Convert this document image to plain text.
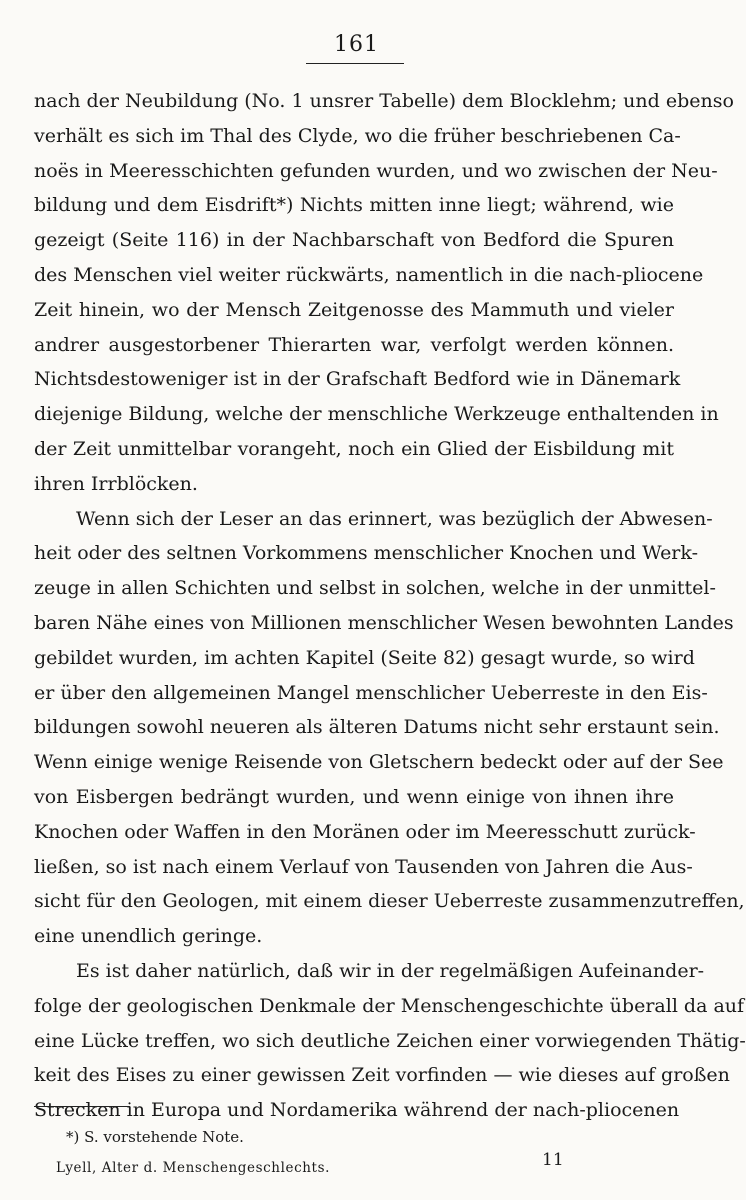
161
nach der Neubildung (No. 1 unsrer Tabelle) dem Blocklehm; und ebenso
verhält es sich im Thal des Clyde, wo die früher beschriebenen Ca-
noës in Meeresschichten gefunden wurden, und wo zwischen der Neu-
bildung und dem Eisdrift*) Nichts mitten inne liegt; während, wie
gezeigt (Seite 116) in der Nachbarschaft von Bedford die Spuren
des Menschen viel weiter rückwärts, namentlich in die nach-pliocene
Zeit hinein, wo der Mensch Zeitgenosse des Mammuth und vieler
andrer ausgestorbener Thierarten war, verfolgt werden können.
Nichtsdestoweniger ist in der Grafschaft Bedford wie in Dänemark
diejenige Bildung, welche der menschliche Werkzeuge enthaltenden in
der Zeit unmittelbar vorangeht, noch ein Glied der Eisbildung mit
ihren Irrblöcken.
Wenn sich der Leser an das erinnert, was bezüglich der Abwesen-
heit oder des seltnen Vorkommens menschlicher Knochen und Werk-
zeuge in allen Schichten und selbst in solchen, welche in der unmittel-
baren Nähe eines von Millionen menschlicher Wesen bewohnten Landes
gebildet wurden, im achten Kapitel (Seite 82) gesagt wurde, so wird
er über den allgemeinen Mangel menschlicher Ueberreste in den Eis-
bildungen sowohl neueren als älteren Datums nicht sehr erstaunt sein.
Wenn einige wenige Reisende von Gletschern bedeckt oder auf der See
von Eisbergen bedrängt wurden, und wenn einige von ihnen ihre
Knochen oder Waffen in den Moränen oder im Meeresschutt zurück-
ließen, so ist nach einem Verlauf von Tausenden von Jahren die Aus-
sicht für den Geologen, mit einem dieser Ueberreste zusammenzutreffen,
eine unendlich geringe.
Es ist daher natürlich, daß wir in der regelmäßigen Aufeinander-
folge der geologischen Denkmale der Menschengeschichte überall da auf
eine Lücke treffen, wo sich deutliche Zeichen einer vorwiegenden Thätig-
keit des Eises zu einer gewissen Zeit vorfinden — wie dieses auf großen
Strecken in Europa und Nordamerika während der nach-pliocenen
*) S. vorstehende Note.
Lyell, Alter d. Menschengeschlechts.	11
